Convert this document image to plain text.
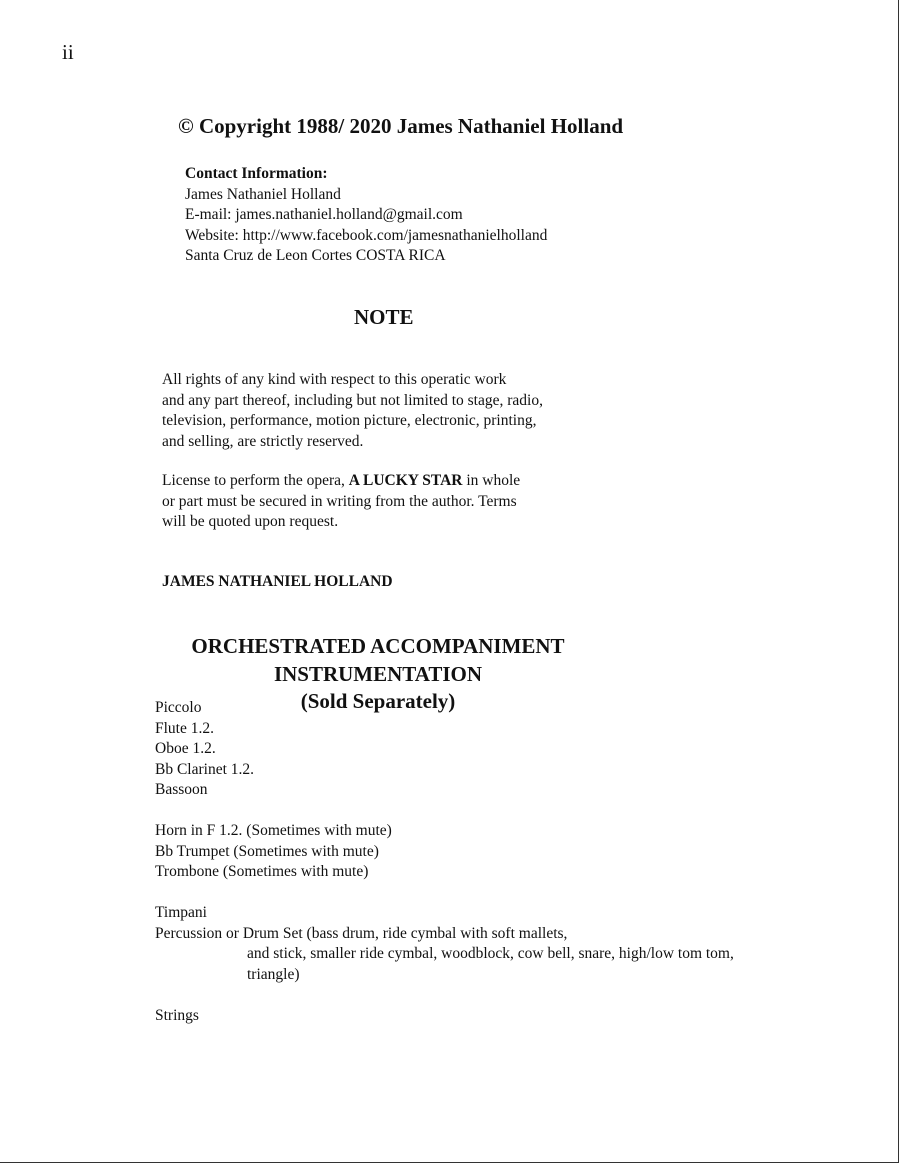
ii
© Copyright 1988/ 2020 James Nathaniel Holland
Contact Information:
James Nathaniel Holland
E-mail: james.nathaniel.holland@gmail.com
Website: http://www.facebook.com/jamesnathanielholland
Santa Cruz de Leon Cortes COSTA RICA
NOTE
All rights of any kind with respect to this operatic work
and any part thereof, including but not limited to stage, radio,
television, performance, motion picture, electronic, printing,
and selling, are strictly reserved.
License to perform the opera, A LUCKY STAR in whole
or part must be secured in writing from the author. Terms
will be quoted upon request.
JAMES NATHANIEL HOLLAND
ORCHESTRATED ACCOMPANIMENT
INSTRUMENTATION
(Sold Separately)
Piccolo
Flute 1.2.
Oboe 1.2.
Bb Clarinet 1.2.
Bassoon
Horn in F 1.2. (Sometimes with mute)
Bb Trumpet (Sometimes with mute)
Trombone (Sometimes with mute)
Timpani
Percussion or Drum Set (bass drum, ride cymbal with soft mallets,
and stick, smaller ride cymbal, woodblock, cow bell, snare, high/low tom tom,
triangle)
Strings
